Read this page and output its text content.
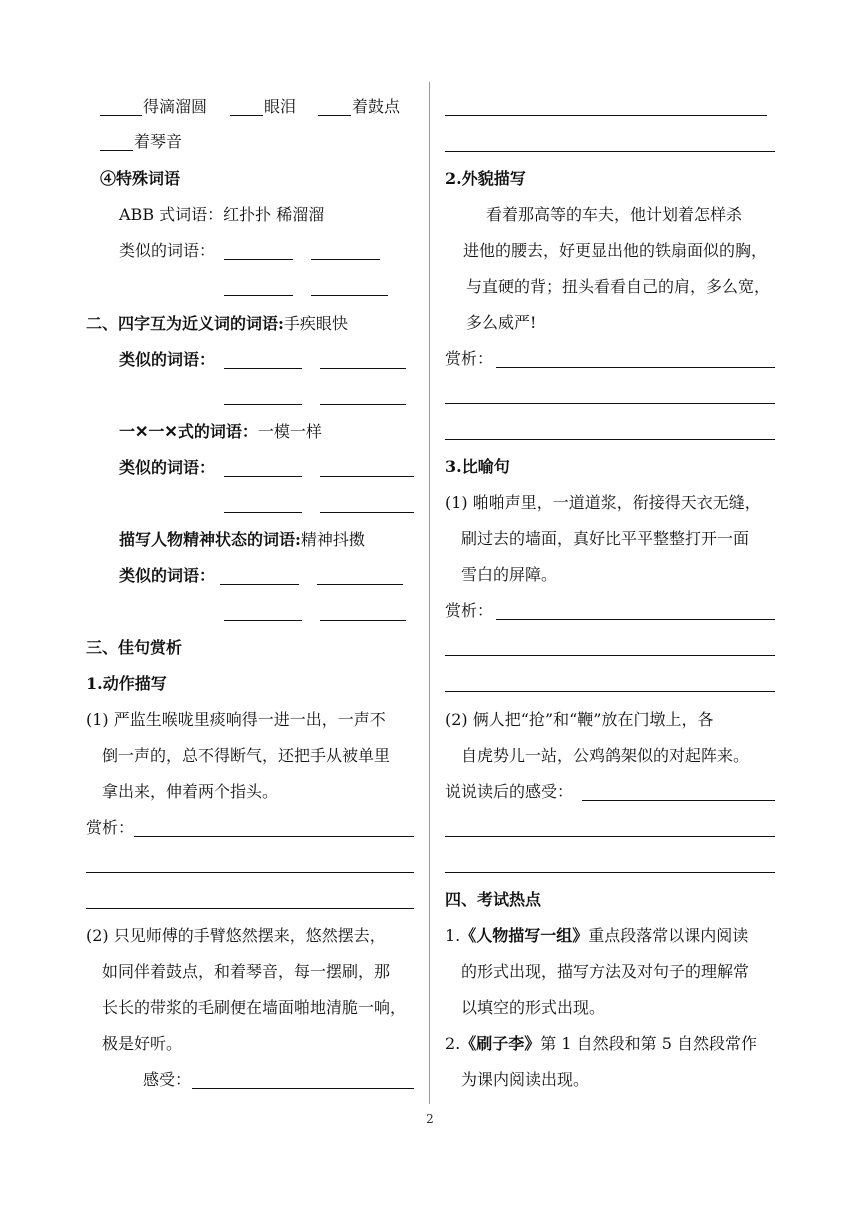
得滴溜圆	眼泪	着鼓点
着琴音
④特殊词语
ABB 式词语：红扑扑 稀溜溜
类似的词语：
二、四字互为近义词的词语:手疾眼快
类似的词语：
一✕一✕式的词语：一模一样
类似的词语：
描写人物精神状态的词语:精神抖擞
类似的词语：
三、佳句赏析
1.动作描写
(1) 严监生喉咙里痰响得一进一出，一声不
倒一声的，总不得断气，还把手从被单里
拿出来，伸着两个指头。
赏析：
(2) 只见师傅的手臂悠然摆来，悠然摆去，
如同伴着鼓点，和着琴音，每一摆刷，那
长长的带浆的毛刷便在墙面啪地清脆一响，
极是好听。
感受：
2.外貌描写
看着那高等的车夫，他计划着怎样杀
进他的腰去，好更显出他的铁扇面似的胸，
与直硬的背；扭头看看自己的肩，多么宽，
多么威严!
赏析：
3.比喻句
(1) 啪啪声里，一道道浆，衔接得天衣无缝，
刷过去的墙面，真好比平平整整打开一面
雪白的屏障。
赏析：
(2) 俩人把“抢”和“鞭”放在门墩上，各
自虎势儿一站，公鸡鸽架似的对起阵来。
说说读后的感受：
四、考试热点
1.《人物描写一组》重点段落常以课内阅读
的形式出现，描写方法及对句子的理解常
以填空的形式出现。
2.《刷子李》第 1 自然段和第 5 自然段常作
为课内阅读出现。
2
